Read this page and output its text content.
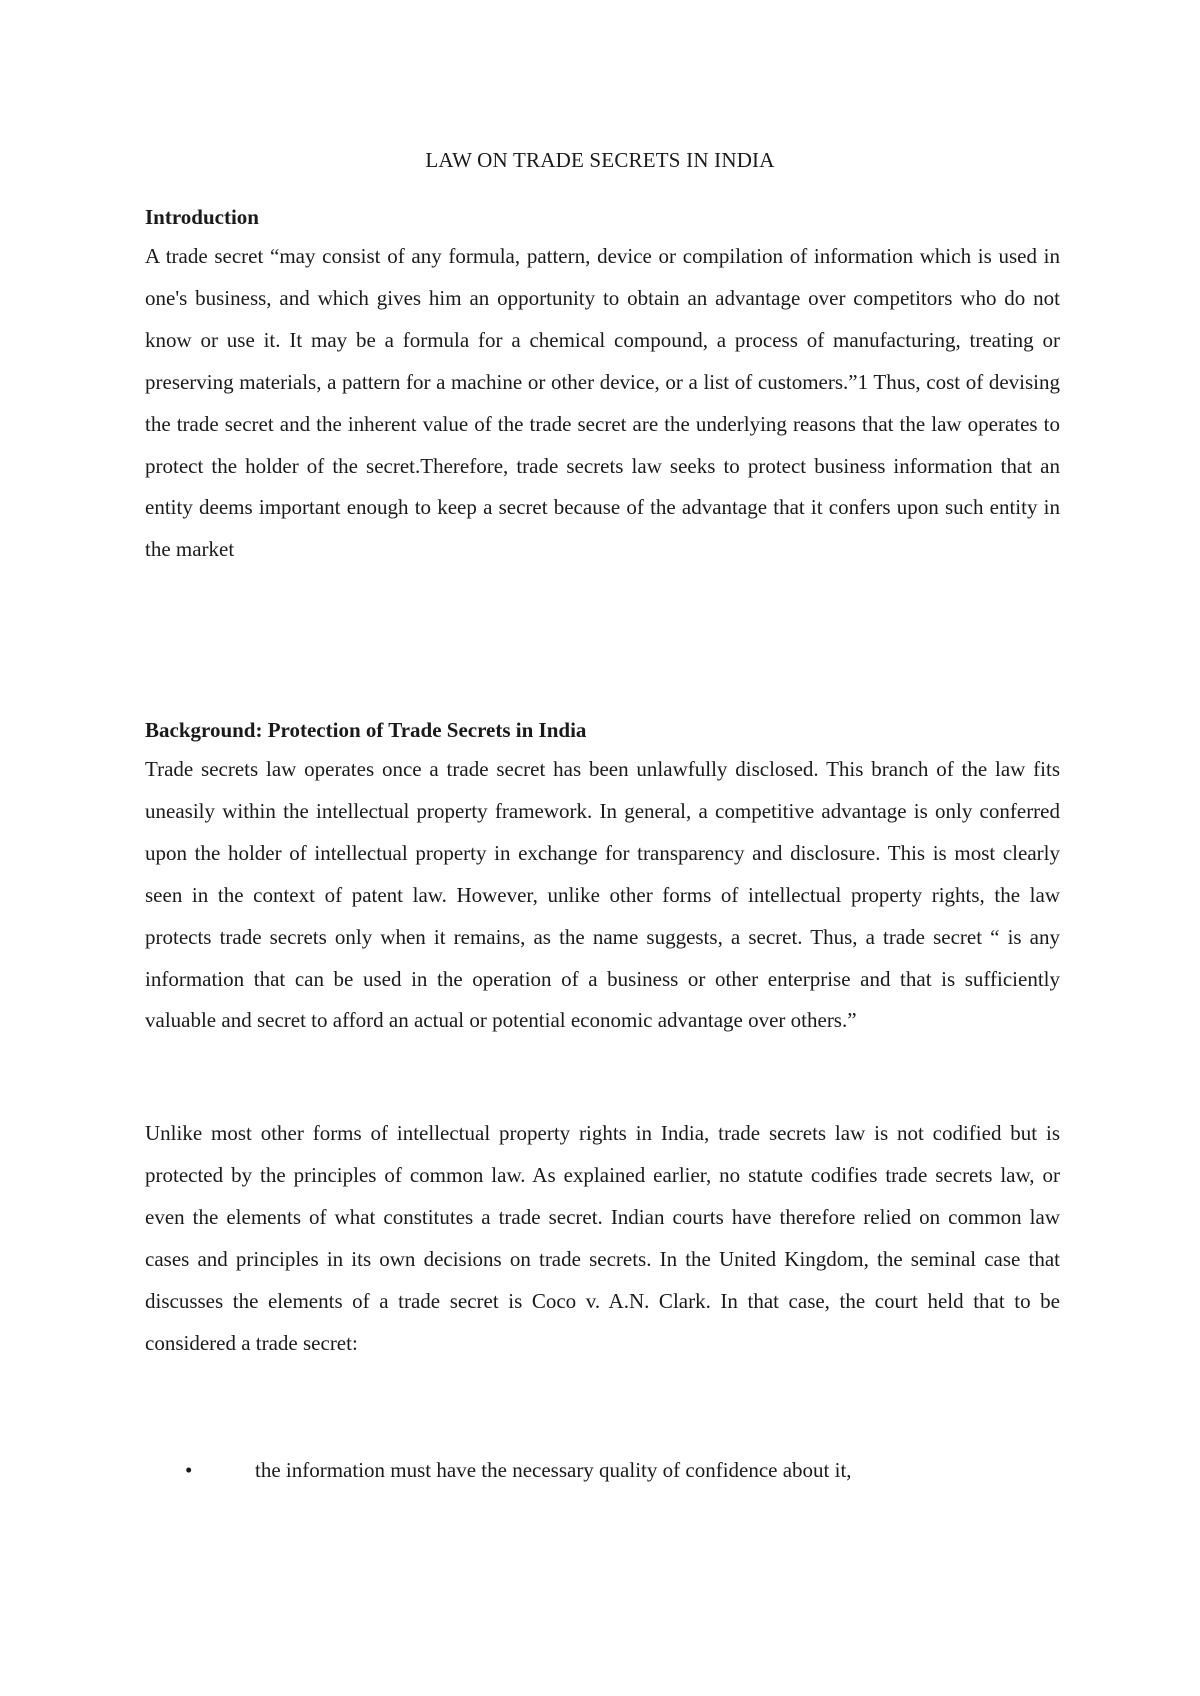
LAW ON TRADE SECRETS IN INDIA
Introduction
A trade secret “may consist of any formula, pattern, device or compilation of information which is used in one's business, and which gives him an opportunity to obtain an advantage over competitors who do not know or use it. It may be a formula for a chemical compound, a process of manufacturing, treating or preserving materials, a pattern for a machine or other device, or a list of customers.”1 Thus, cost of devising the trade secret and the inherent value of the trade secret are the underlying reasons that the law operates to protect the holder of the secret.Therefore, trade secrets law seeks to protect business information that an entity deems important enough to keep a secret because of the advantage that it confers upon such entity in the market
Background: Protection of Trade Secrets in India
Trade secrets law operates once a trade secret has been unlawfully disclosed. This branch of the law fits uneasily within the intellectual property framework. In general, a competitive advantage is only conferred upon the holder of intellectual property in exchange for transparency and disclosure. This is most clearly seen in the context of patent law. However, unlike other forms of intellectual property rights, the law protects trade secrets only when it remains, as the name suggests, a secret. Thus, a trade secret “ is any information that can be used in the operation of a business or other enterprise and that is sufficiently valuable and secret to afford an actual or potential economic advantage over others.”
Unlike most other forms of intellectual property rights in India, trade secrets law is not codified but is protected by the principles of common law. As explained earlier, no statute codifies trade secrets law, or even the elements of what constitutes a trade secret. Indian courts have therefore relied on common law cases and principles in its own decisions on trade secrets. In the United Kingdom, the seminal case that discusses the elements of a trade secret is Coco v. A.N. Clark. In that case, the court held that to be considered a trade secret:
•	the information must have the necessary quality of confidence about it,
